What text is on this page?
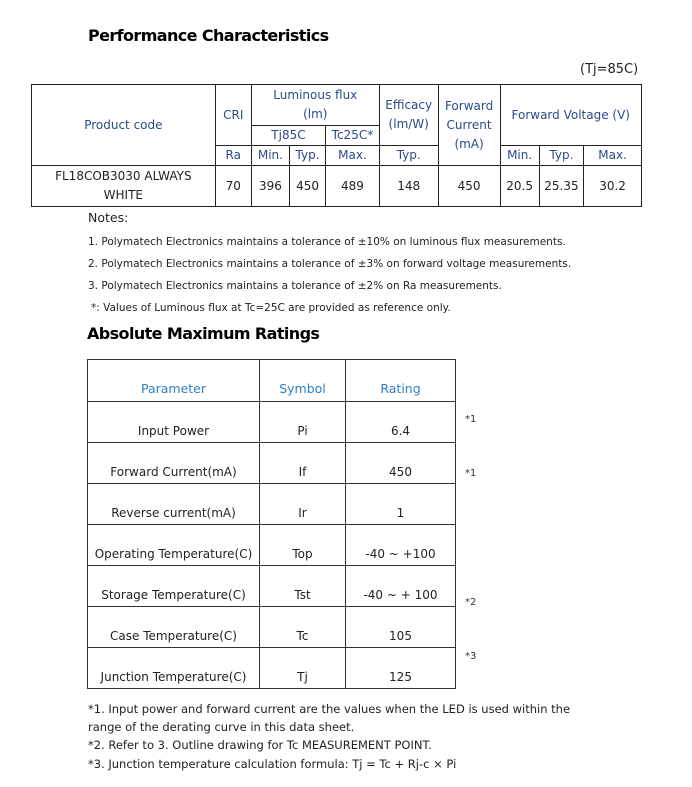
Performance Characteristics
(Tj=85C)
Product code	CRI	Luminous flux (lm)			Efficacy (lm/W)	Forward Current (mA)	Forward Voltage (V)		
		Tj85C		Tc25C*					
	Ra	Min.	Typ.	Max.	Typ.		Min.	Typ.	Max.
FL18COB3030 ALWAYS WHITE	70	396	450	489	148	450	20.5	25.35	30.2
Notes:
1. Polymatech Electronics maintains a tolerance of ±10% on luminous flux measurements.
2. Polymatech Electronics maintains a tolerance of ±3% on forward voltage measurements.
3. Polymatech Electronics maintains a tolerance of ±2% on Ra measurements.
*: Values of Luminous flux at Tc=25C are provided as reference only.
Absolute Maximum Ratings
Parameter	Symbol	Rating
Input Power	Pi	6.4
Forward Current(mA)	If	450
Reverse current(mA)	Ir	1
Operating Temperature(C)	Top	-40 ~ +100
Storage Temperature(C)	Tst	-40 ~ + 100
Case Temperature(C)	Tc	105
Junction Temperature(C)	Tj	125
*1
*1
*2
*3
*1. Input power and forward current are the values when the LED is used within the
range of the derating curve in this data sheet.
*2. Refer to 3. Outline drawing for Tc MEASUREMENT POINT.
*3. Junction temperature calculation formula: Tj = Tc + Rj-c × Pi
